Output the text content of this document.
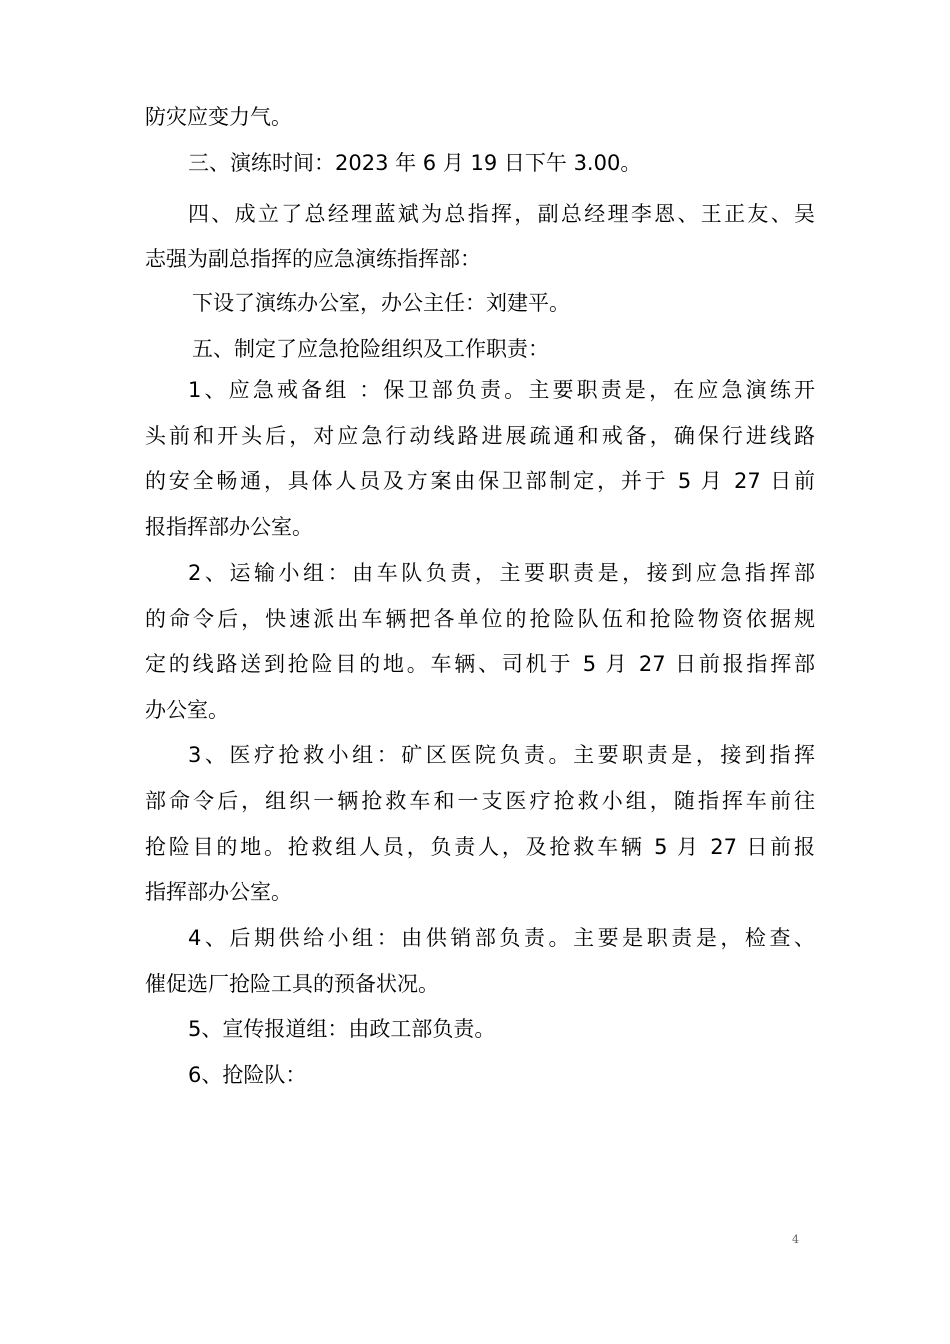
防灾应变力气。
三、演练时间：2023 年 6 月 19 日下午 3.00。
四、成立了总经理蓝斌为总指挥，副总经理李恩、王正友、吴
志强为副总指挥的应急演练指挥部：
下设了演练办公室，办公主任：刘建平。
五、制定了应急抢险组织及工作职责：
1、应急戒备组 ：保卫部负责。主要职责是，在应急演练开
头前和开头后，对应急行动线路进展疏通和戒备，确保行进线路
的安全畅通，具体人员及方案由保卫部制定，并于 5 月 27 日前
报指挥部办公室。
2、运输小组：由车队负责，主要职责是，接到应急指挥部
的命令后，快速派出车辆把各单位的抢险队伍和抢险物资依据规
定的线路送到抢险目的地。车辆、司机于 5 月 27 日前报指挥部
办公室。
3、医疗抢救小组：矿区医院负责。主要职责是，接到指挥
部命令后，组织一辆抢救车和一支医疗抢救小组，随指挥车前往
抢险目的地。抢救组人员，负责人，及抢救车辆 5 月 27 日前报
指挥部办公室。
4、后期供给小组：由供销部负责。主要是职责是，检查、
催促选厂抢险工具的预备状况。
5、宣传报道组：由政工部负责。
6、抢险队：
4
